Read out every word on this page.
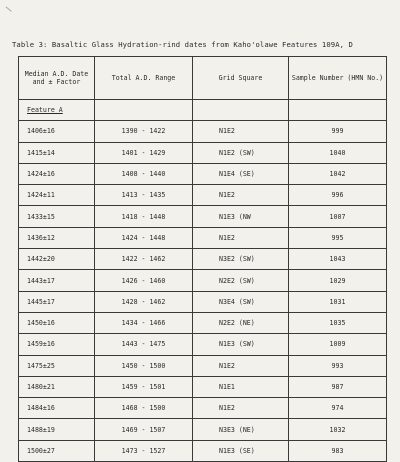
\
Table 3: Basaltic Glass Hydration-rind dates from Kaho'olawe Features 109A, D
Median A.D. Date and ± Factor	Total A.D. Range	Grid Square	Sample Number (HMN No.)
Feature A			
1406±16	1390 - 1422	N1E2	999
1415±14	1401 - 1429	N1E2 (SW)	1040
1424±16	1408 - 1440	N1E4 (SE)	1042
1424±11	1413 - 1435	N1E2	996
1433±15	1418 - 1448	N1E3 (NW	1007
1436±12	1424 - 1448	N1E2	995
1442±20	1422 - 1462	N3E2 (SW)	1043
1443±17	1426 - 1460	N2E2 (SW)	1029
1445±17	1428 - 1462	N3E4 (SW)	1031
1450±16	1434 - 1466	N2E2 (NE)	1035
1459±16	1443 - 1475	N1E3 (SW)	1009
1475±25	1450 - 1500	N1E2	993
1480±21	1459 - 1501	N1E1	987
1484±16	1468 - 1500	N1E2	974
1488±19	1469 - 1507	N3E3 (NE)	1032
1500±27	1473 - 1527	N1E3 (SE)	983
